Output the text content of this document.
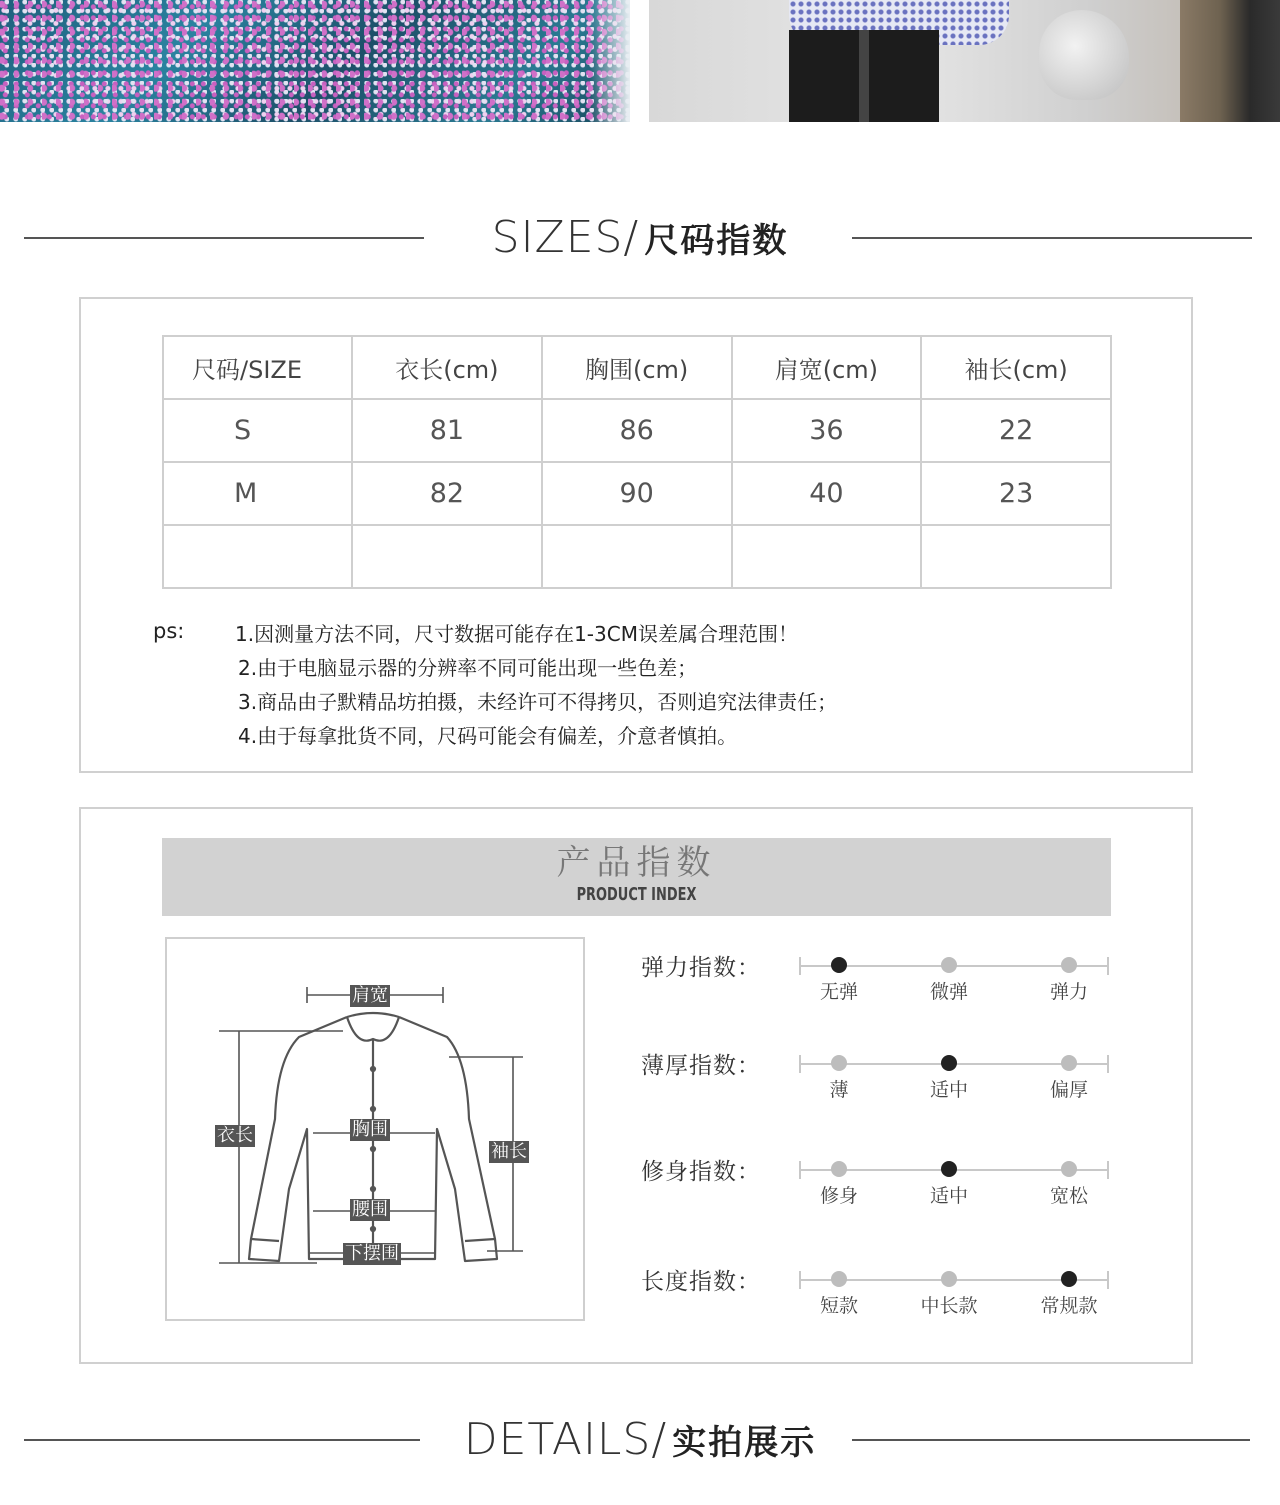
SIZES/ 尺码指数
尺码/SIZE	衣长(cm)	胸围(cm)	肩宽(cm)	袖长(cm)
S	81	86	36	22
M	82	90	40	23

ps:	1.因测量方法不同，尺寸数据可能存在1-3CM误差属合理范围！
2.由于电脑显示器的分辨率不同可能出现一些色差；
3.商品由子默精品坊拍摄，未经许可不得拷贝，否则追究法律责任；
4.由于每拿批货不同，尺码可能会有偏差，介意者慎拍。
产品指数
PRODUCT INDEX
肩宽
衣长	胸围
袖长
腰围
下摆围
弹力指数：
无弹	微弹	弹力
薄厚指数：
薄	适中	偏厚
修身指数：
修身	适中	宽松
长度指数：
短款	中长款	常规款
DETAILS/ 实拍展示
